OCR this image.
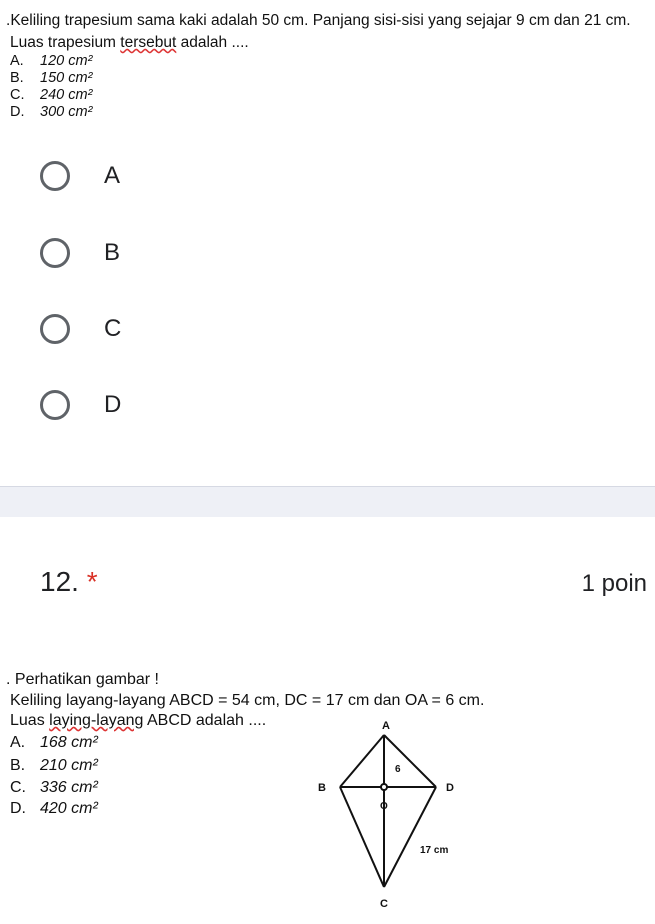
.Keliling trapesium sama kaki adalah 50 cm. Panjang sisi-sisi yang sejajar 9 cm dan 21 cm.
Luas trapesium tersebut adalah ....
A. 120 cm²
B. 150 cm²
C. 240 cm²
D. 300 cm²
A
B
C
D
12. *	1 poin
. Perhatikan gambar !
Keliling layang-layang ABCD = 54 cm, DC = 17 cm dan OA = 6 cm.
Luas laying-layang ABCD adalah ....
A. 168 cm²
B. 210 cm²
C. 336 cm²
D. 420 cm²
A
B	D
C
O
6
17 cm
